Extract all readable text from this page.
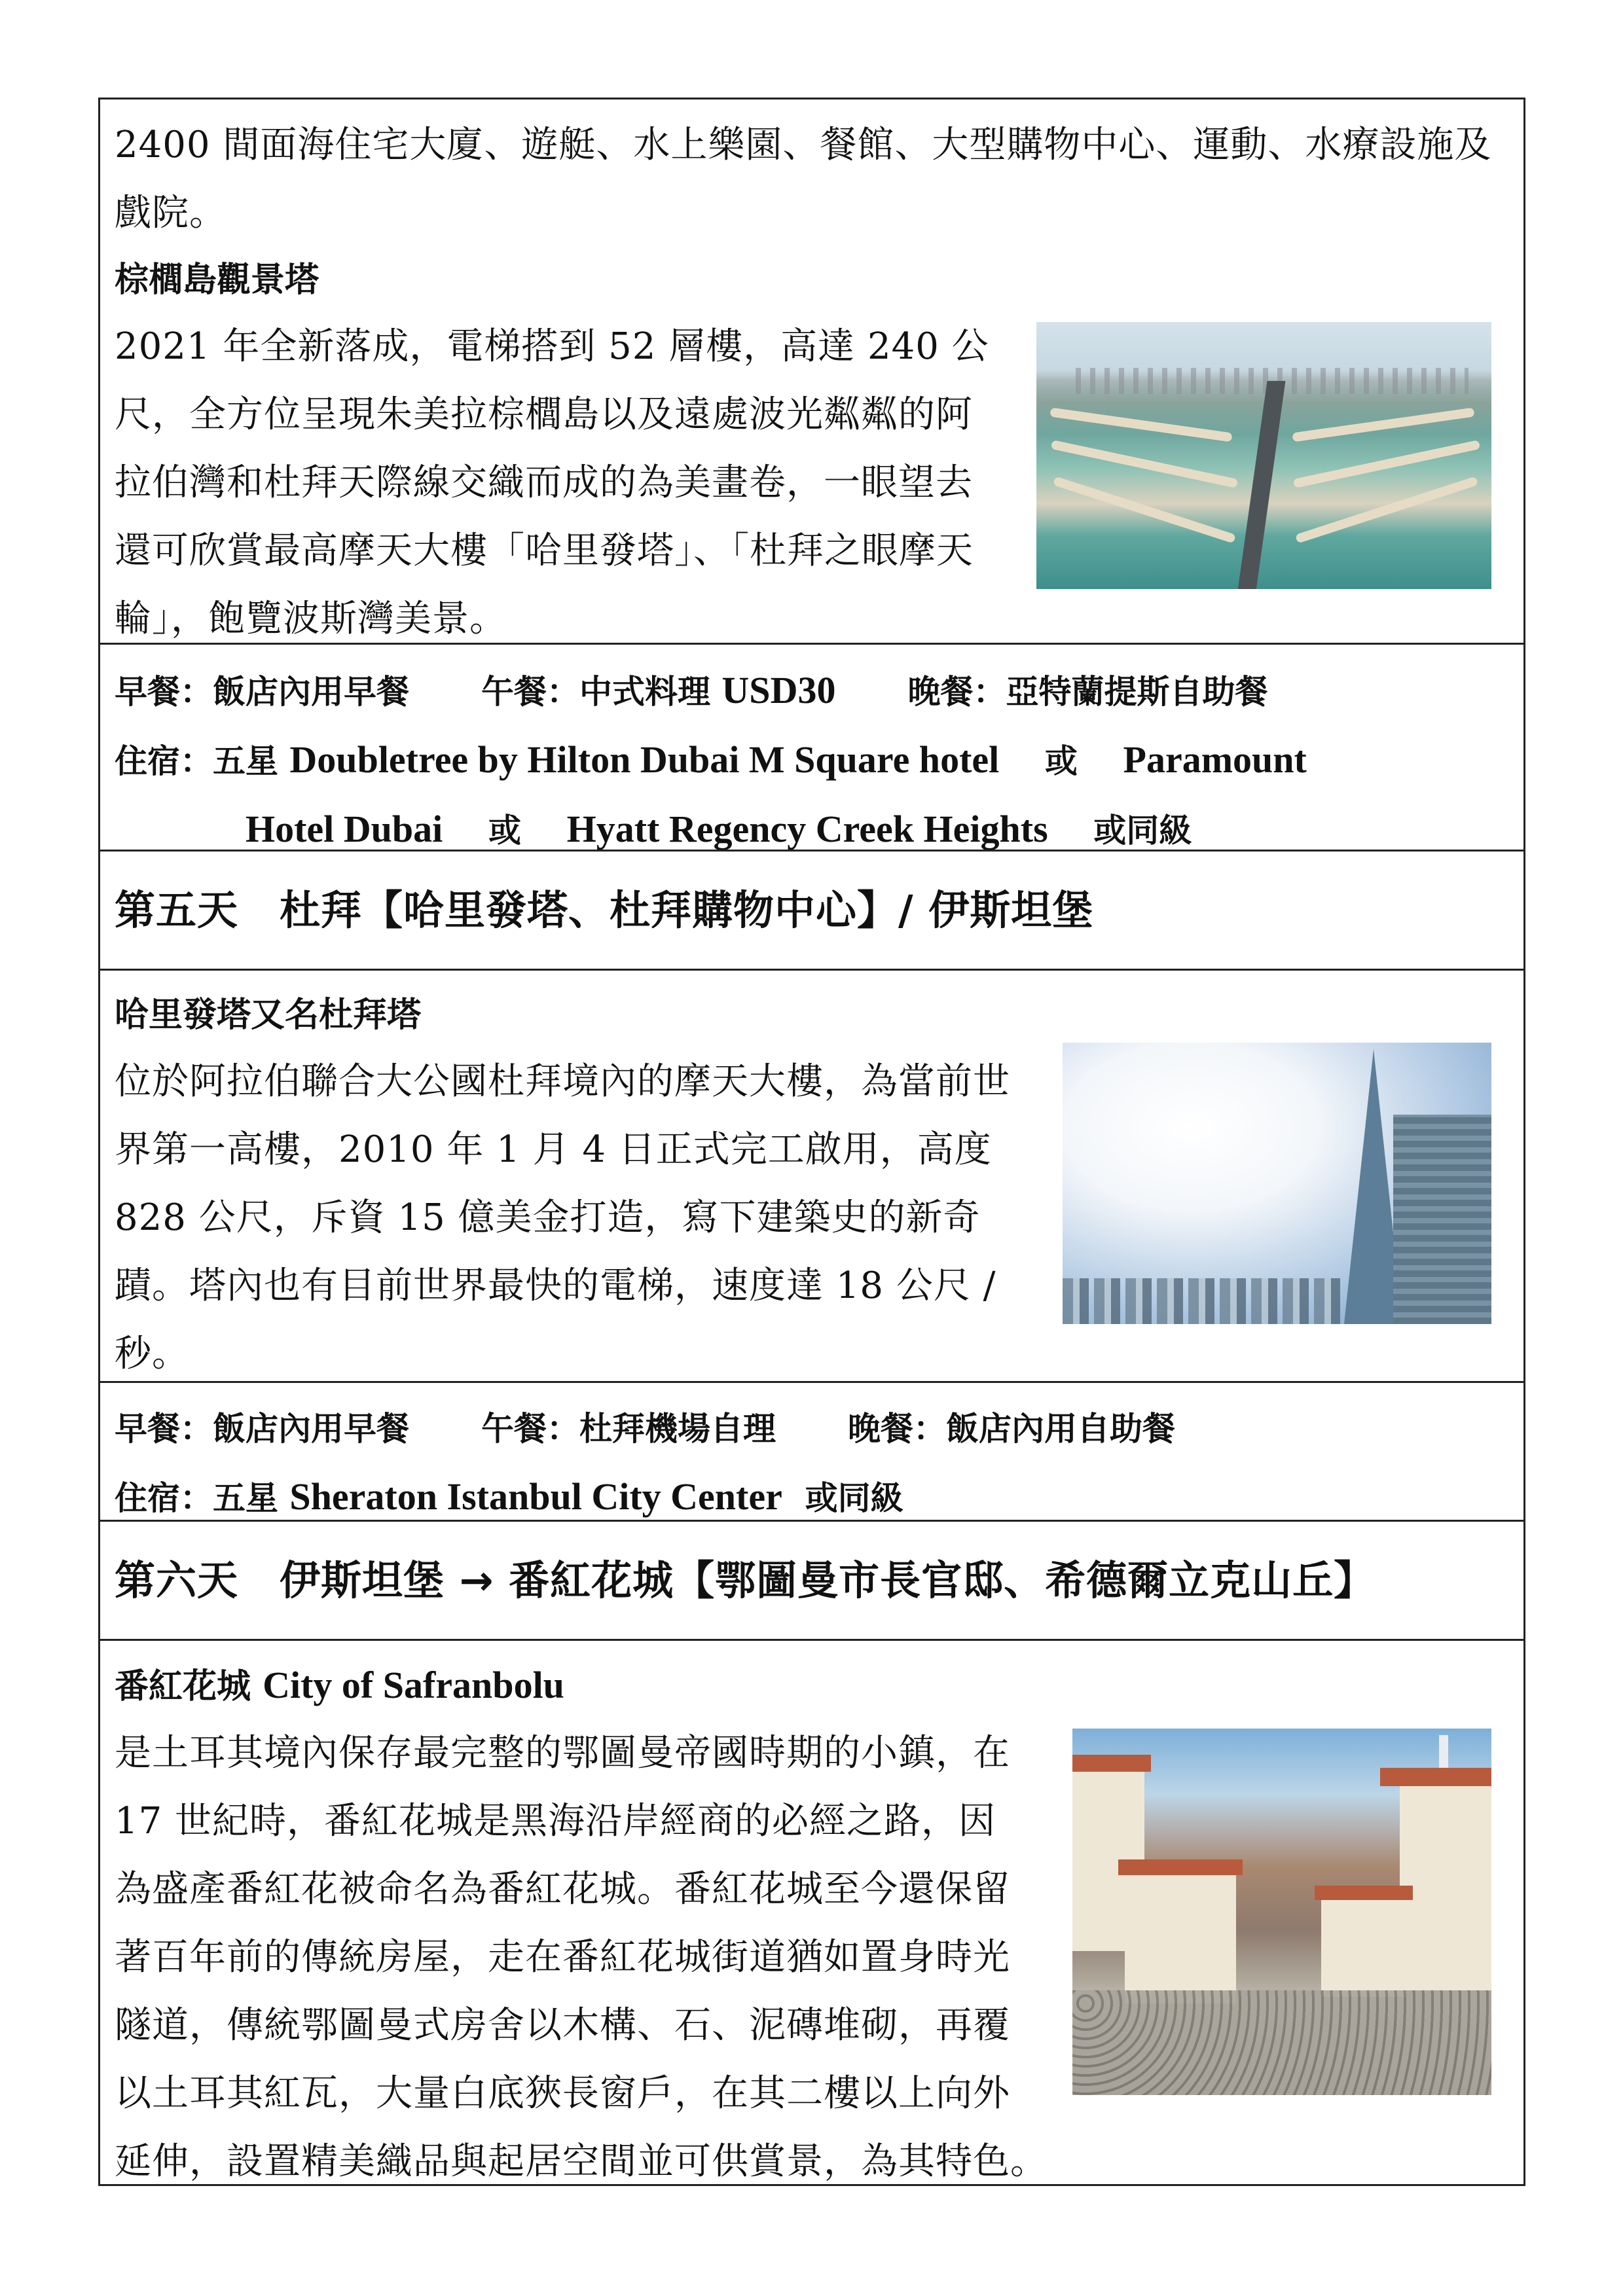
2400 間面海住宅大廈、遊艇、水上樂園、餐館、大型購物中心、運動、水療設施及
戲院。
棕櫚島觀景塔
2021 年全新落成，電梯搭到 52 層樓，高達 240 公
尺，全方位呈現朱美拉棕櫚島以及遠處波光粼粼的阿
拉伯灣和杜拜天際線交織而成的為美畫卷，一眼望去
還可欣賞最高摩天大樓「哈里發塔」、「杜拜之眼摩天
輪」，飽覽波斯灣美景。
早餐：飯店內用早餐 午餐：中式料理 USD30 晚餐：亞特蘭提斯自助餐
住宿：五星 Doubletree by Hilton Dubai M Square hotel 或 Paramount
Hotel Dubai 或 Hyatt Regency Creek Heights 或同級
第五天　杜拜【哈里發塔、杜拜購物中心】/ 伊斯坦堡
哈里發塔又名杜拜塔
位於阿拉伯聯合大公國杜拜境內的摩天大樓，為當前世
界第一高樓，2010 年 1 月 4 日正式完工啟用，高度
828 公尺，斥資 15 億美金打造，寫下建築史的新奇
蹟。塔內也有目前世界最快的電梯，速度達 18 公尺 /
秒。
早餐：飯店內用早餐 午餐：杜拜機場自理 晚餐：飯店內用自助餐
住宿：五星 Sheraton Istanbul City Center 或同級
第六天　伊斯坦堡 → 番紅花城【鄂圖曼市長官邸、希德爾立克山丘】
番紅花城 City of Safranbolu
是土耳其境內保存最完整的鄂圖曼帝國時期的小鎮，在
17 世紀時，番紅花城是黑海沿岸經商的必經之路，因
為盛產番紅花被命名為番紅花城。番紅花城至今還保留
著百年前的傳統房屋，走在番紅花城街道猶如置身時光
隧道，傳統鄂圖曼式房舍以木構、石、泥磚堆砌，再覆
以土耳其紅瓦，大量白底狹長窗戶，在其二樓以上向外
延伸，設置精美織品與起居空間並可供賞景，為其特色。
